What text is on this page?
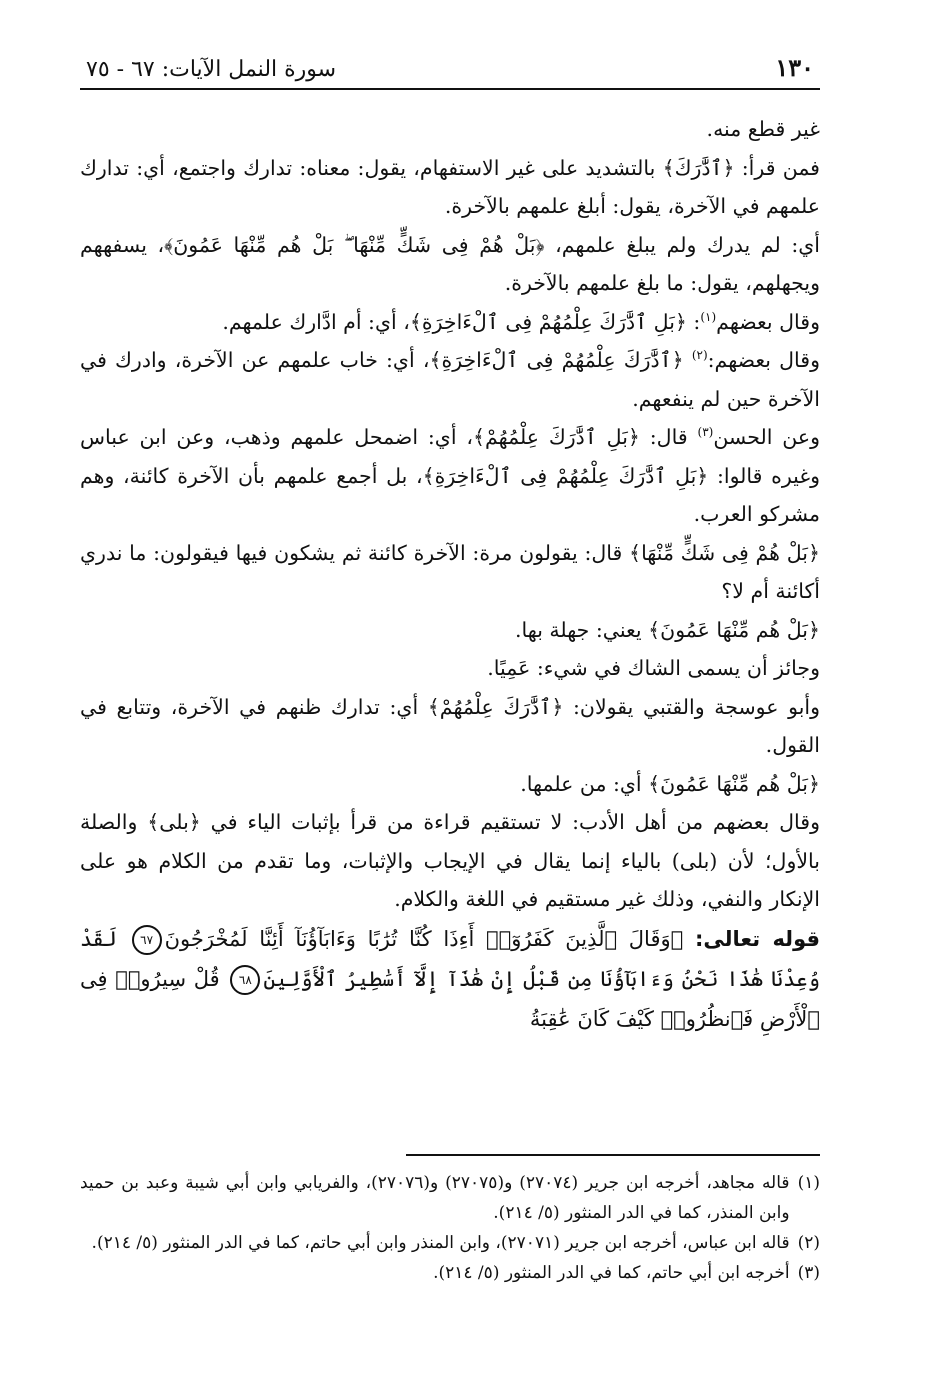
١٣٠
سورة النمل الآيات: ٦٧ - ٧٥

غير قطع منه.

فمن قرأ: ﴿ٱدَّٰرَكَ﴾ بالتشديد على غير الاستفهام، يقول: معناه: تدارك واجتمع، أي: تدارك علمهم في الآخرة، يقول: أبلغ علمهم بالآخرة.

أي: لم يدرك ولم يبلغ علمهم، ﴿بَلْ هُمْ فِى شَكٍّ مِّنْهَا ۖ بَلْ هُم مِّنْهَا عَمُونَ﴾، يسفههم ويجهلهم، يقول: ما بلغ علمهم بالآخرة.

وقال بعضهم$^{(١)}$: ﴿بَلِ ٱدَّٰرَكَ عِلْمُهُمْ فِى ٱلْءَاخِرَةِ﴾، أي: أم ادَّارك علمهم.

وقال بعضهم:$^{(٢)}$ ﴿ٱدَّٰرَكَ عِلْمُهُمْ فِى ٱلْءَاخِرَةِ﴾، أي: خاب علمهم عن الآخرة، وادرك في الآخرة حين لم ينفعهم.

وعن الحسن$^{(٣)}$ قال: ﴿بَلِ ٱدَّٰرَكَ عِلْمُهُمْ﴾، أي: اضمحل علمهم وذهب، وعن ابن عباس وغيره قالوا: ﴿بَلِ ٱدَّٰرَكَ عِلْمُهُمْ فِى ٱلْءَاخِرَةِ﴾، بل أجمع علمهم بأن الآخرة كائنة، وهم مشركو العرب.

﴿بَلْ هُمْ فِى شَكٍّ مِّنْهَا﴾ قال: يقولون مرة: الآخرة كائنة ثم يشكون فيها فيقولون: ما ندري أكائنة أم لا؟

﴿بَلْ هُم مِّنْهَا عَمُونَ﴾ يعني: جهلة بها.

وجائز أن يسمى الشاك في شيء: عَمِيًا.

وأبو عوسجة والقتبي يقولان: ﴿ٱدَّٰرَكَ عِلْمُهُمْ﴾ أي: تدارك ظنهم في الآخرة، وتتابع في القول.

﴿بَلْ هُم مِّنْهَا عَمُونَ﴾ أي: من علمها.

وقال بعضهم من أهل الأدب: لا تستقيم قراءة من قرأ بإثبات الياء في ﴿بلى﴾ والصلة بالأول؛ لأن (بلى) بالياء إنما يقال في الإيجاب والإثبات، وما تقدم من الكلام هو على الإنكار والنفي، وذلك غير مستقيم في اللغة والكلام.

قوله تعالى: ﴿وَقَالَ ٱلَّذِينَ كَفَرُوٓا۟ أَءِذَا كُنَّا تُرَٰبًا وَءَابَآؤُنَآ أَئِنَّا لَمُخْرَجُونَ٦٧ لَقَدْ وُعِدْنَا هَٰذَا نَحْنُ وَءَابَآؤُنَا مِن قَبْلُ إِنْ هَٰذَآ إِلَّآ أَسَٰطِيرُ ٱلْأَوَّلِينَ٦٨ قُلْ سِيرُوا۟ فِى ٱلْأَرْضِ فَٱنظُرُوا۟ كَيْفَ كَانَ عَٰقِبَةُ

(١)
قاله مجاهد، أخرجه ابن جرير (٢٧٠٧٤) و(٢٧٠٧٥) و(٢٧٠٧٦)، والفريابي وابن أبي شيبة وعبد بن حميد وابن المنذر، كما في الدر المنثور (٥/ ٢١٤).
(٢)
قاله ابن عباس، أخرجه ابن جرير (٢٧٠٧١)، وابن المنذر وابن أبي حاتم، كما في الدر المنثور (٥/ ٢١٤).
(٣)
أخرجه ابن أبي حاتم، كما في الدر المنثور (٥/ ٢١٤).
